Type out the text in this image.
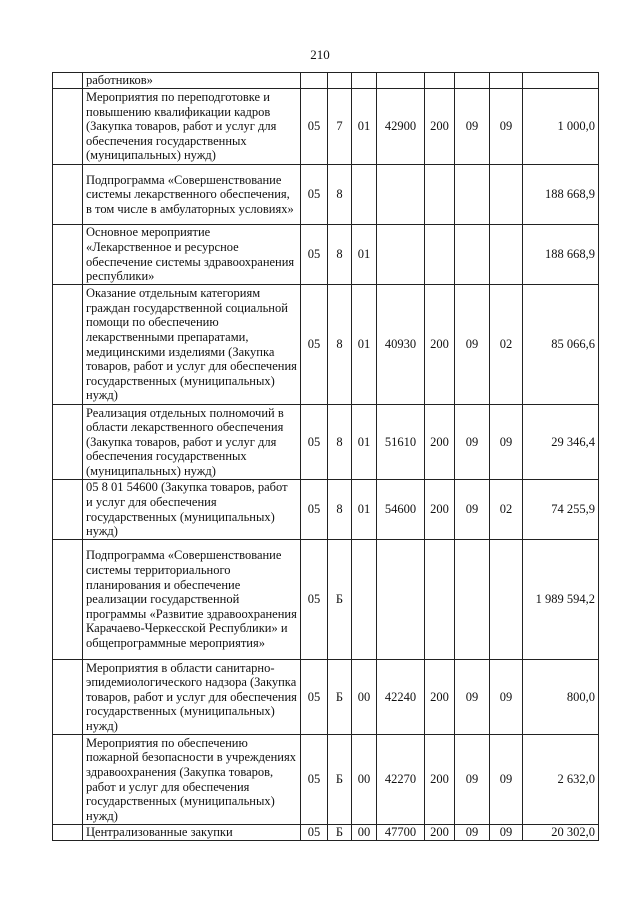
210
	работников»								
	Мероприятия по переподготовке и повышению квалификации кадров (Закупка товаров, работ и услуг для обеспечения государственных (муниципальных) нужд)	05	7	01	42900	200	09	09	1 000,0
	Подпрограмма «Совершенствование системы лекарственного обеспечения, в том числе в амбулаторных условиях»	05	8						188 668,9
	Основное мероприятие «Лекарственное и ресурсное обеспечение системы здравоохранения республики»	05	8	01					188 668,9
	Оказание отдельным категориям граждан государственной социальной помощи по обеспечению лекарственными препаратами, медицинскими изделиями (Закупка товаров, работ и услуг для обеспечения государственных (муниципальных) нужд)	05	8	01	40930	200	09	02	85 066,6
	Реализация отдельных полномочий в области лекарственного обеспечения (Закупка товаров, работ и услуг для обеспечения государственных (муниципальных) нужд)	05	8	01	51610	200	09	09	29 346,4
	05 8 01 54600 (Закупка товаров, работ и услуг для обеспечения государственных (муниципальных) нужд)	05	8	01	54600	200	09	02	74 255,9
	Подпрограмма «Совершенствование системы территориального планирования и обеспечение реализации государственной программы «Развитие здравоохранения Карачаево-Черкесской Республики» и общепрограммные мероприятия»	05	Б						1 989 594,2
	Мероприятия в области санитарно-эпидемиологического надзора (Закупка товаров, работ и услуг для обеспечения государственных (муниципальных) нужд)	05	Б	00	42240	200	09	09	800,0
	Мероприятия по обеспечению пожарной безопасности в учреждениях здравоохранения (Закупка товаров, работ и услуг для обеспечения государственных (муниципальных) нужд)	05	Б	00	42270	200	09	09	2 632,0
	Централизованные закупки	05	Б	00	47700	200	09	09	20 302,0
